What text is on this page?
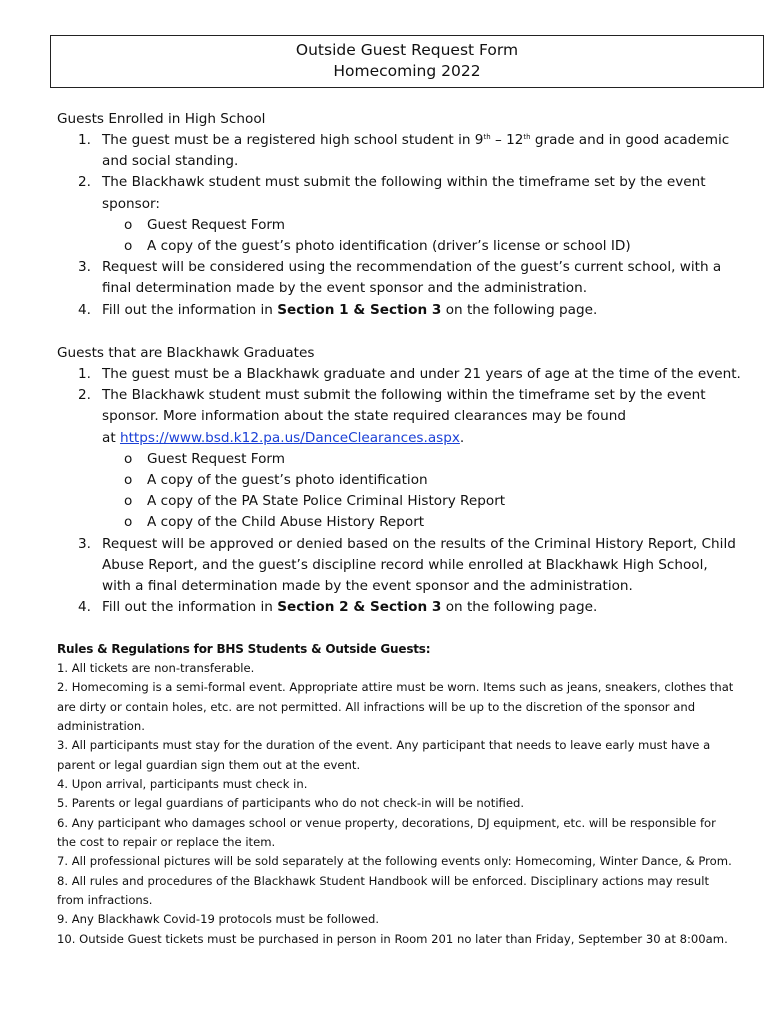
Outside Guest Request Form
Homecoming 2022
Guests Enrolled in High School
1. The guest must be a registered high school student in 9th – 12th grade and in good academic and social standing.
2. The Blackhawk student must submit the following within the timeframe set by the event sponsor:
o Guest Request Form
o A copy of the guest’s photo identification (driver’s license or school ID)
3. Request will be considered using the recommendation of the guest’s current school, with a final determination made by the event sponsor and the administration.
4. Fill out the information in Section 1 & Section 3 on the following page.
Guests that are Blackhawk Graduates
1. The guest must be a Blackhawk graduate and under 21 years of age at the time of the event.
2. The Blackhawk student must submit the following within the timeframe set by the event
sponsor. More information about the state required clearances may be found
at https://www.bsd.k12.pa.us/DanceClearances.aspx.
o Guest Request Form
o A copy of the guest’s photo identification
o A copy of the PA State Police Criminal History Report
o A copy of the Child Abuse History Report
3. Request will be approved or denied based on the results of the Criminal History Report, Child Abuse Report, and the guest’s discipline record while enrolled at Blackhawk High School, with a final determination made by the event sponsor and the administration.
4. Fill out the information in Section 2 & Section 3 on the following page.
Rules & Regulations for BHS Students & Outside Guests:
1. All tickets are non-transferable.
2. Homecoming is a semi-formal event. Appropriate attire must be worn. Items such as jeans, sneakers, clothes that are dirty or contain holes, etc. are not permitted. All infractions will be up to the discretion of the sponsor and administration.
3. All participants must stay for the duration of the event. Any participant that needs to leave early must have a parent or legal guardian sign them out at the event.
4. Upon arrival, participants must check in.
5. Parents or legal guardians of participants who do not check-in will be notified.
6. Any participant who damages school or venue property, decorations, DJ equipment, etc. will be responsible for the cost to repair or replace the item.
7. All professional pictures will be sold separately at the following events only: Homecoming, Winter Dance, & Prom.
8. All rules and procedures of the Blackhawk Student Handbook will be enforced. Disciplinary actions may result from infractions.
9. Any Blackhawk Covid-19 protocols must be followed.
10. Outside Guest tickets must be purchased in person in Room 201 no later than Friday, September 30 at 8:00am.
